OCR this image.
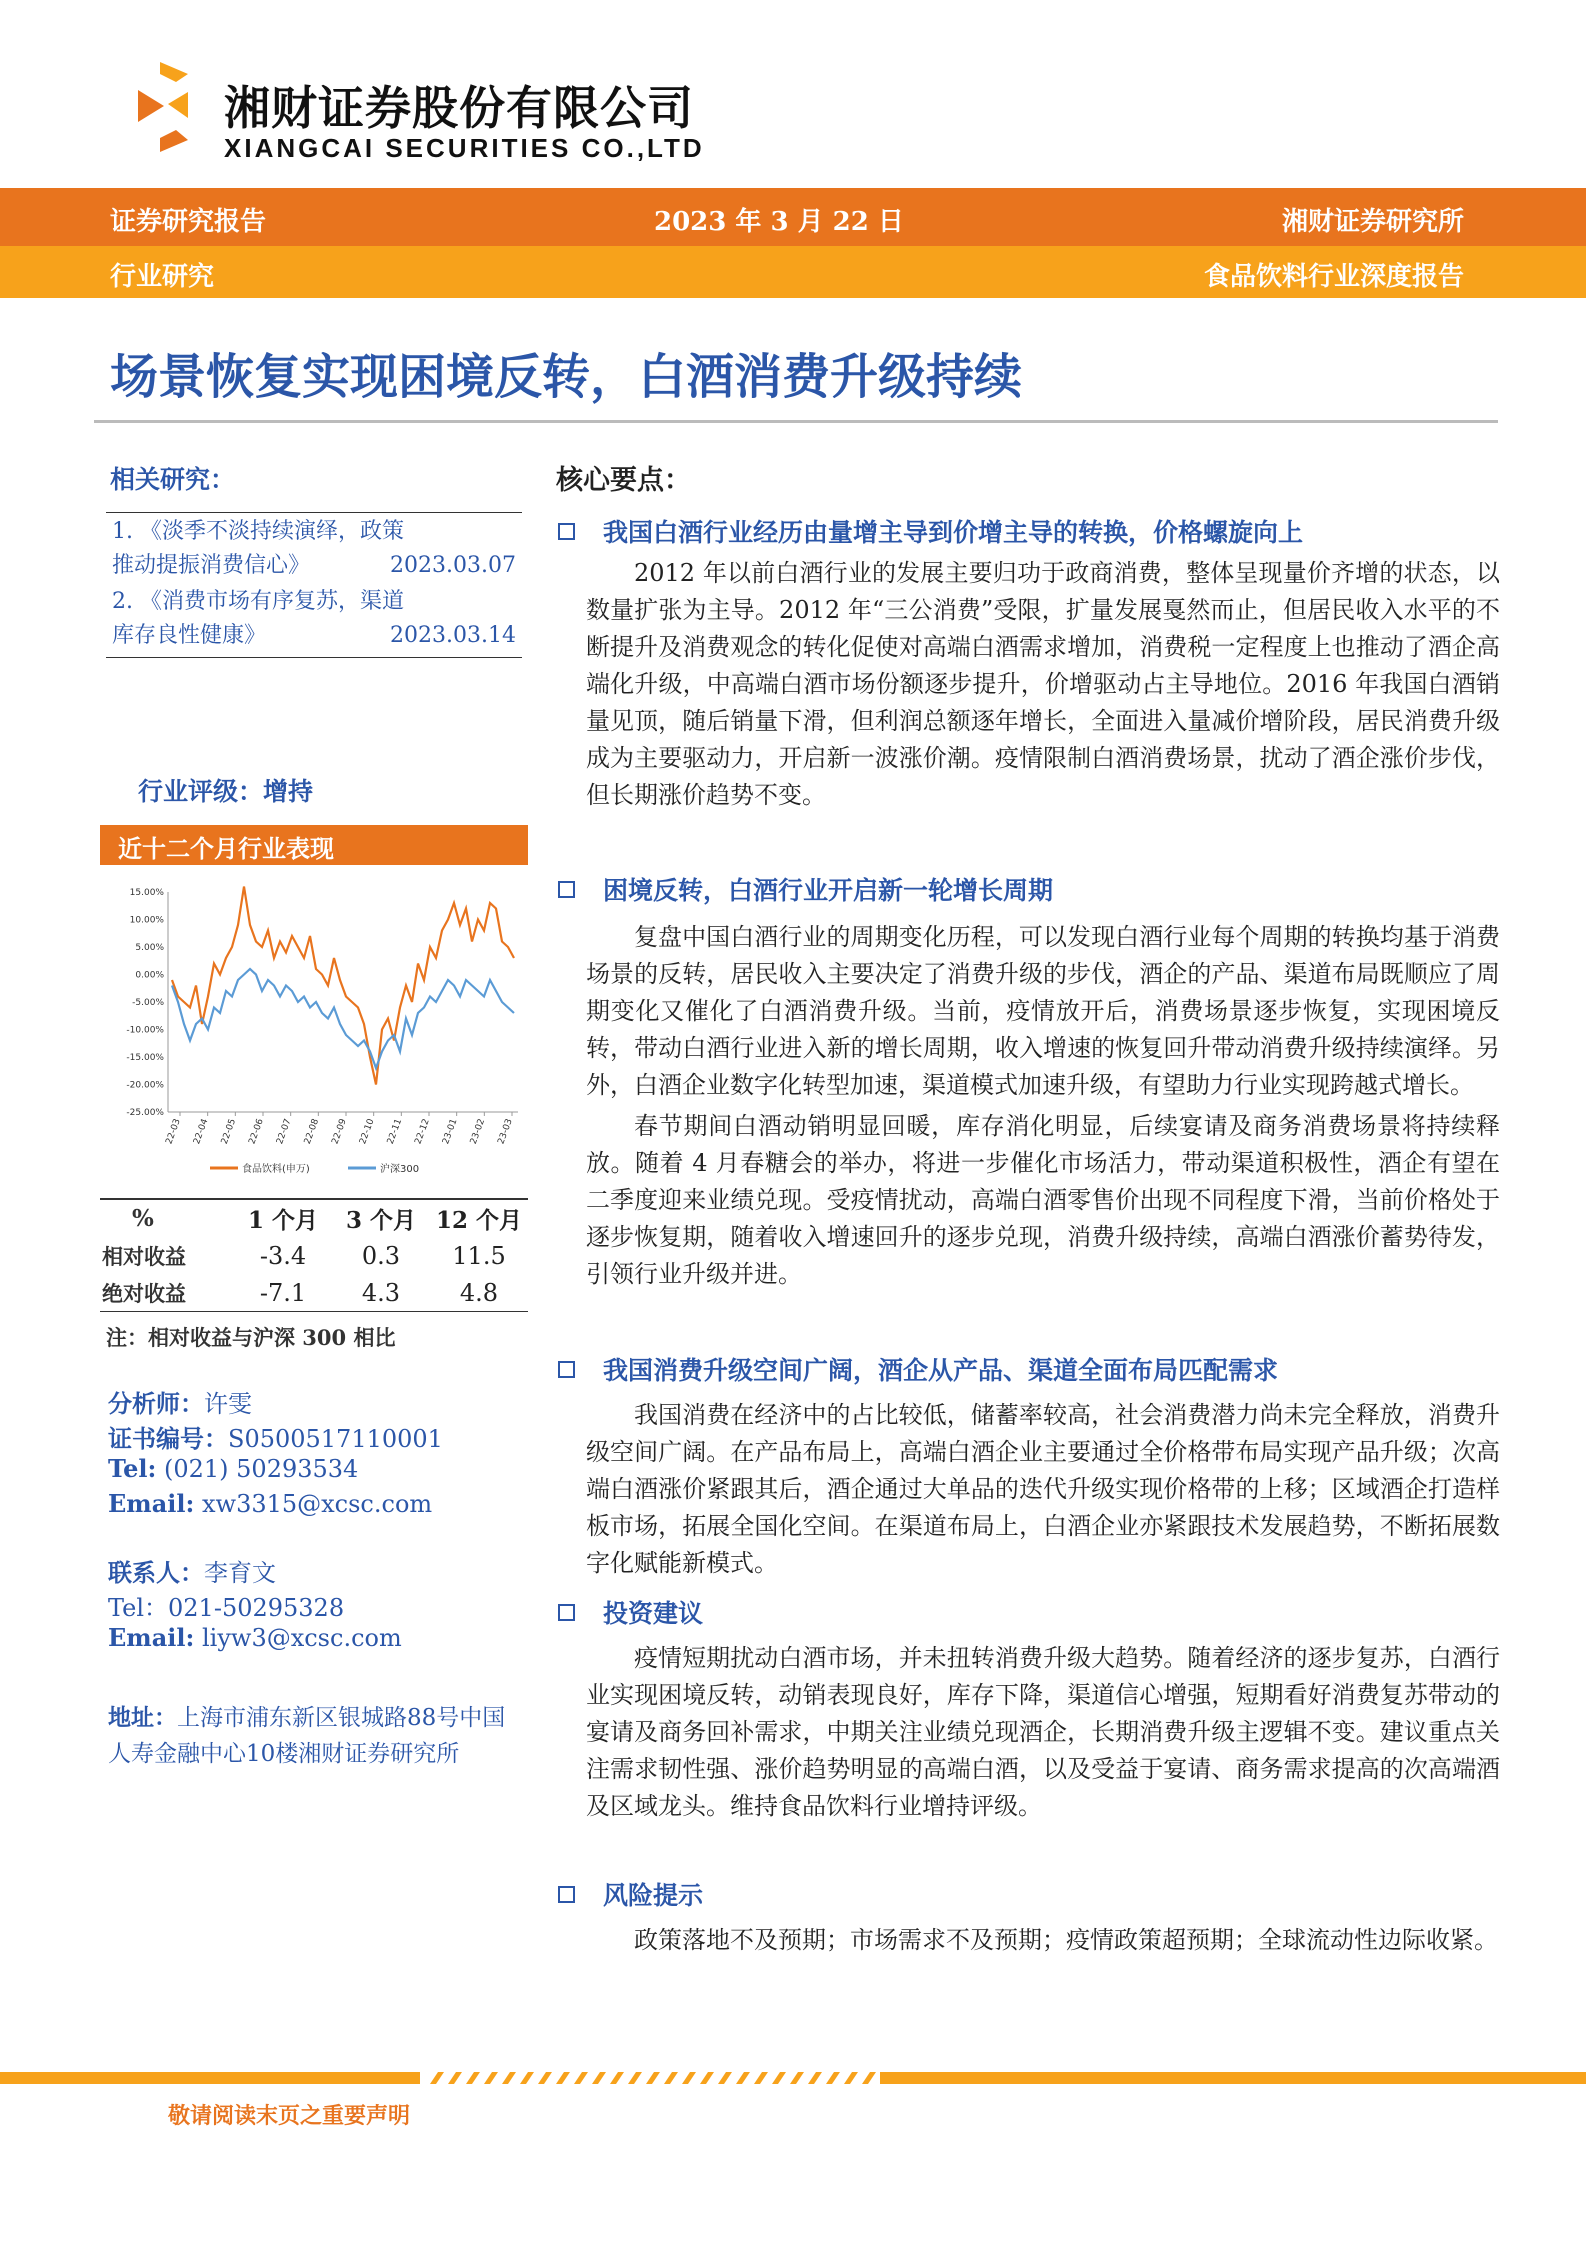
湘财证券股份有限公司
XIANGCAI SECURITIES CO.,LTD
证券研究报告	2023 年 3 月 22 日	湘财证券研究所
行业研究	食品饮料行业深度报告
场景恢复实现困境反转，白酒消费升级持续
相关研究：
1. 《淡季不淡持续演绎，政策
推动提振消费信心》	2023.03.07
2. 《消费市场有序复苏，渠道
库存良性健康》	2023.03.14
行业评级：增持
近十二个月行业表现
15.00%
10.00%
5.00%
0.00%
-5.00%
-10.00%
-15.00%
-20.00%
-25.00%
22-03 22-04 22-05 22-06 22-07 22-08 22-09 22-10 22-11 22-12 23-01 23-02 23-03
食品饮料(申万)	沪深300
%	1 个月	3 个月 12 个月
相对收益	-3.4	0.3	11.5
绝对收益	-7.1	4.3	4.8
注：相对收益与沪深 300 相比
分析师：许雯
证书编号：S0500517110001
Tel: (021) 50293534
Email: xw3315@xcsc.com
联系人：李育文
Tel：021-50295328
Email: liyw3@xcsc.com
地址：上海市浦东新区银城路88号中国人寿金融中心10楼湘财证券研究所
核心要点：
我国白酒行业经历由量增主导到价增主导的转换，价格螺旋向上

2012 年以前白酒行业的发展主要归功于政商消费，整体呈现量价齐增的状态，以数量扩张为主导。2012 年“三公消费”受限，扩量发展戛然而止，但居民收入水平的不断提升及消费观念的转化促使对高端白酒需求增加，消费税一定程度上也推动了酒企高端化升级，中高端白酒市场份额逐步提升，价增驱动占主导地位。2016 年我国白酒销量见顶，随后销量下滑，但利润总额逐年增长，全面进入量减价增阶段，居民消费升级成为主要驱动力，开启新一波涨价潮。疫情限制白酒消费场景，扰动了酒企涨价步伐，但长期涨价趋势不变。

困境反转，白酒行业开启新一轮增长周期

复盘中国白酒行业的周期变化历程，可以发现白酒行业每个周期的转换均基于消费场景的反转，居民收入主要决定了消费升级的步伐，酒企的产品、渠道布局既顺应了周期变化又催化了白酒消费升级。当前，疫情放开后，消费场景逐步恢复，实现困境反转，带动白酒行业进入新的增长周期，收入增速的恢复回升带动消费升级持续演绎。另外，白酒企业数字化转型加速，渠道模式加速升级，有望助力行业实现跨越式增长。

春节期间白酒动销明显回暖，库存消化明显，后续宴请及商务消费场景将持续释放。随着 4 月春糖会的举办，将进一步催化市场活力，带动渠道积极性，酒企有望在二季度迎来业绩兑现。受疫情扰动，高端白酒零售价出现不同程度下滑，当前价格处于逐步恢复期，随着收入增速回升的逐步兑现，消费升级持续，高端白酒涨价蓄势待发，引领行业升级并进。

我国消费升级空间广阔，酒企从产品、渠道全面布局匹配需求

我国消费在经济中的占比较低，储蓄率较高，社会消费潜力尚未完全释放，消费升级空间广阔。在产品布局上，高端白酒企业主要通过全价格带布局实现产品升级；次高端白酒涨价紧跟其后，酒企通过大单品的迭代升级实现价格带的上移；区域酒企打造样板市场，拓展全国化空间。在渠道布局上，白酒企业亦紧跟技术发展趋势，不断拓展数字化赋能新模式。

投资建议

疫情短期扰动白酒市场，并未扭转消费升级大趋势。随着经济的逐步复苏，白酒行业实现困境反转，动销表现良好，库存下降，渠道信心增强，短期看好消费复苏带动的宴请及商务回补需求，中期关注业绩兑现酒企，长期消费升级主逻辑不变。建议重点关注需求韧性强、涨价趋势明显的高端白酒，以及受益于宴请、商务需求提高的次高端酒及区域龙头。维持食品饮料行业增持评级。

风险提示

政策落地不及预期；市场需求不及预期；疫情政策超预期；全球流动性边际收紧。

敬请阅读末页之重要声明
